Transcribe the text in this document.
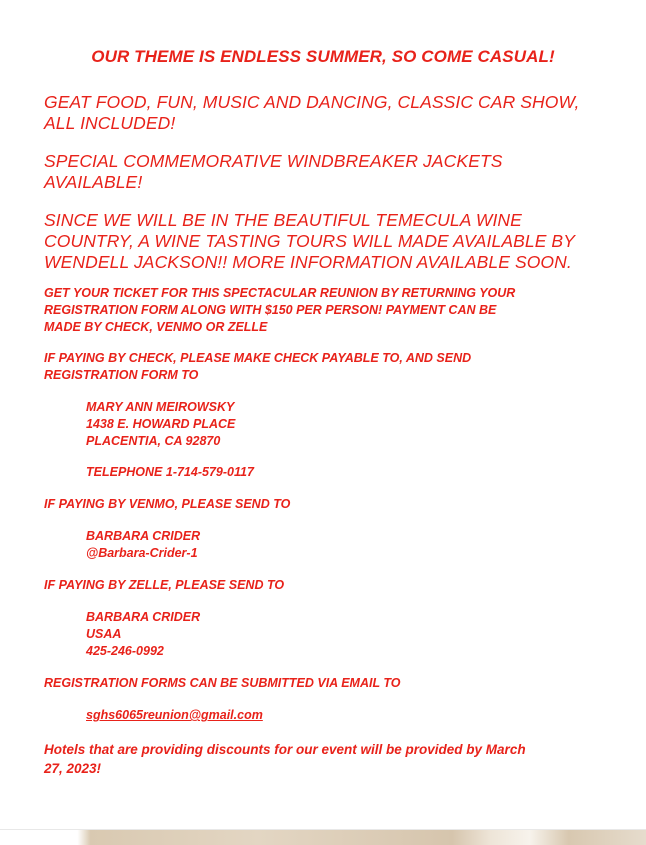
OUR THEME IS ENDLESS SUMMER, SO COME CASUAL!
GEAT FOOD, FUN, MUSIC AND DANCING, CLASSIC CAR SHOW,
ALL INCLUDED!
SPECIAL COMMEMORATIVE WINDBREAKER JACKETS
AVAILABLE!
SINCE WE WILL BE IN THE BEAUTIFUL TEMECULA WINE
COUNTRY, A WINE TASTING TOURS WILL MADE AVAILABLE BY
WENDELL JACKSON!! MORE INFORMATION AVAILABLE SOON.
GET YOUR TICKET FOR THIS SPECTACULAR REUNION BY RETURNING YOUR
REGISTRATION FORM ALONG WITH $150 PER PERSON! PAYMENT CAN BE
MADE BY CHECK, VENMO OR ZELLE
IF PAYING BY CHECK, PLEASE MAKE CHECK PAYABLE TO, AND SEND
REGISTRATION FORM TO
MARY ANN MEIROWSKY
1438 E. HOWARD PLACE
PLACENTIA, CA 92870
TELEPHONE 1-714-579-0117
IF PAYING BY VENMO, PLEASE SEND TO
BARBARA CRIDER
@Barbara-Crider-1
IF PAYING BY ZELLE, PLEASE SEND TO
BARBARA CRIDER
USAA
425-246-0992
REGISTRATION FORMS CAN BE SUBMITTED VIA EMAIL TO
sghs6065reunion@gmail.com
Hotels that are providing discounts for our event will be provided by March
27, 2023!
